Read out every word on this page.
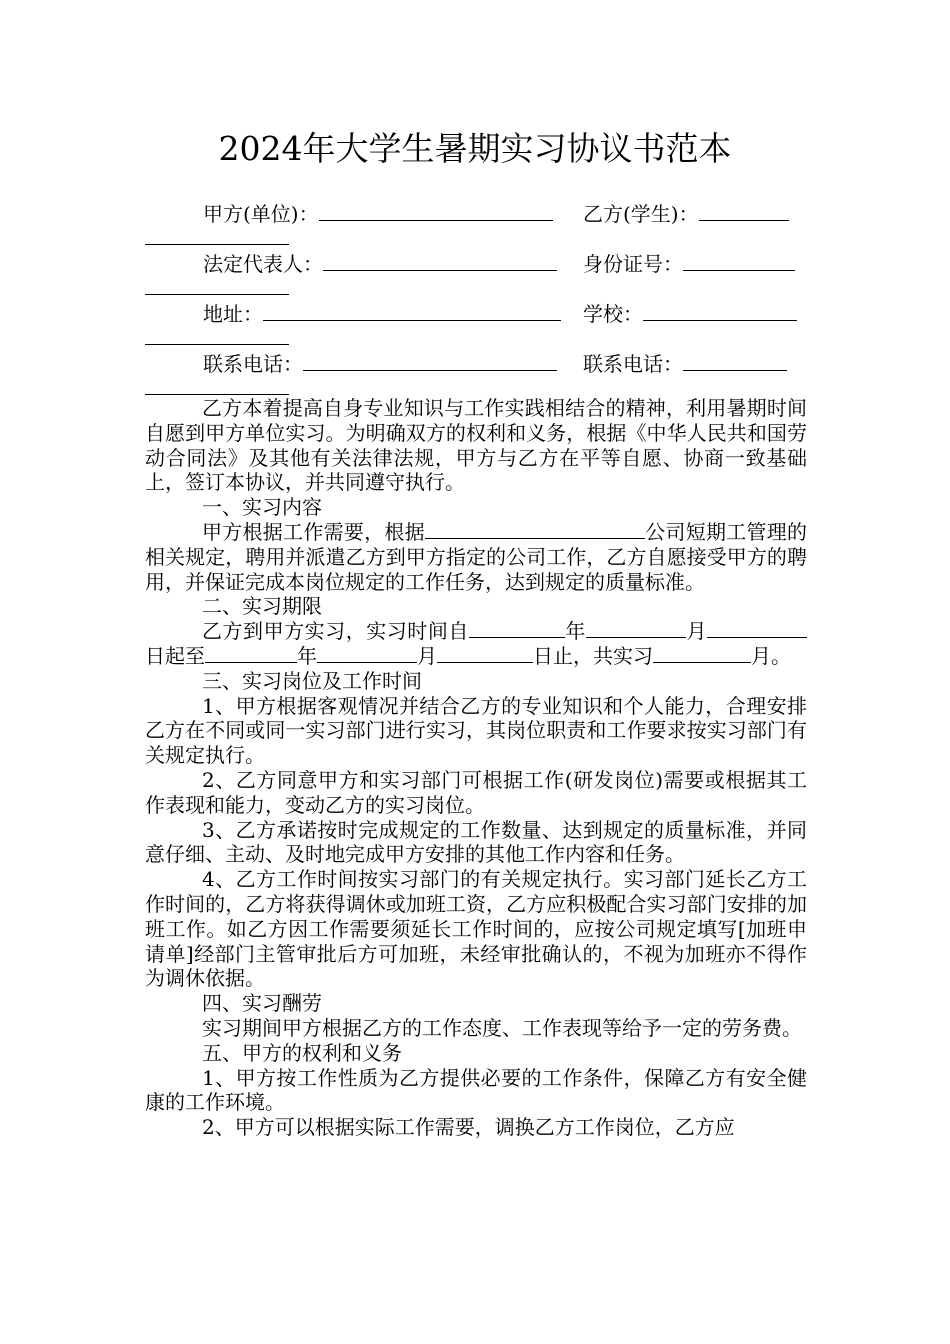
2024年大学生暑期实习协议书范本
甲方(单位)：	乙方(学生)：
法定代表人：	身份证号：
地址：	学校：
联系电话：	联系电话：

乙方本着提高自身专业知识与工作实践相结合的精神，利用暑期时间自愿到甲方单位实习。为明确双方的权利和义务，根据《中华人民共和国劳动合同法》及其他有关法律法规，甲方与乙方在平等自愿、协商一致基础上，签订本协议，并共同遵守执行。

一、实习内容

甲方根据工作需要，根据	公司短期工管理的相关规定，聘用并派遣乙方到甲方指定的公司工作，乙方自愿接受甲方的聘用，并保证完成本岗位规定的工作任务，达到规定的质量标准。

二、实习期限

乙方到甲方实习，实习时间自	年	月日起至	年	月	日止，共实习	月。

三、实习岗位及工作时间

1、甲方根据客观情况并结合乙方的专业知识和个人能力，合理安排乙方在不同或同一实习部门进行实习，其岗位职责和工作要求按实习部门有关规定执行。

2、乙方同意甲方和实习部门可根据工作(研发岗位)需要或根据其工作表现和能力，变动乙方的实习岗位。

3、乙方承诺按时完成规定的工作数量、达到规定的质量标准，并同意仔细、主动、及时地完成甲方安排的其他工作内容和任务。

4、乙方工作时间按实习部门的有关规定执行。实习部门延长乙方工作时间的，乙方将获得调休或加班工资，乙方应积极配合实习部门安排的加班工作。如乙方因工作需要须延长工作时间的，应按公司规定填写[加班申请单]经部门主管审批后方可加班，未经审批确认的，不视为加班亦不得作为调休依据。

四、实习酬劳

实习期间甲方根据乙方的工作态度、工作表现等给予一定的劳务费。

五、甲方的权利和义务

1、甲方按工作性质为乙方提供必要的工作条件，保障乙方有安全健康的工作环境。

2、甲方可以根据实际工作需要，调换乙方工作岗位，乙方应
